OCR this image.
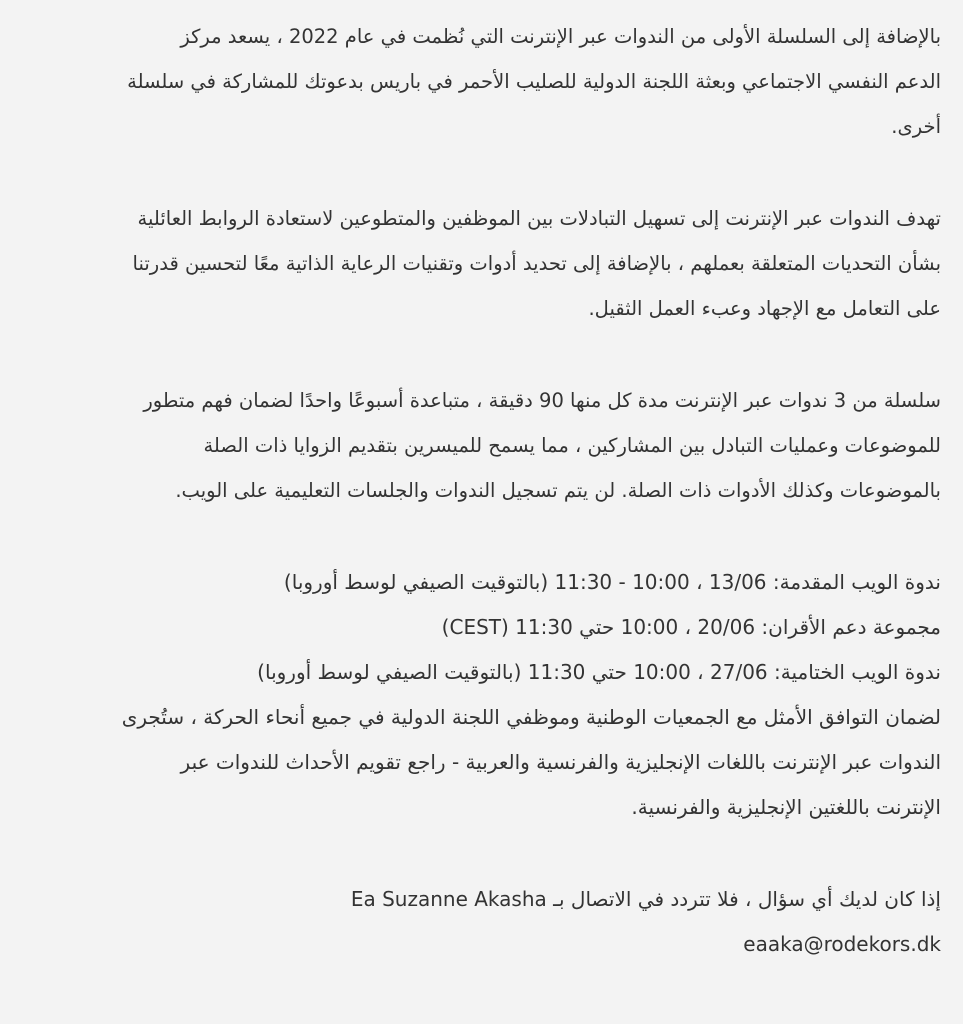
بالإضافة إلى السلسلة الأولى من الندوات عبر الإنترنت التي نُظمت في عام 2022 ، يسعد مركز
الدعم النفسي الاجتماعي وبعثة اللجنة الدولية للصليب الأحمر في باريس بدعوتك للمشاركة في سلسلة
أخرى.

تهدف الندوات عبر الإنترنت إلى تسهيل التبادلات بين الموظفين والمتطوعين لاستعادة الروابط العائلية
بشأن التحديات المتعلقة بعملهم ، بالإضافة إلى تحديد أدوات وتقنيات الرعاية الذاتية معًا لتحسين قدرتنا
على التعامل مع الإجهاد وعبء العمل الثقيل.

سلسلة من 3 ندوات عبر الإنترنت مدة كل منها 90 دقيقة ، متباعدة أسبوعًا واحدًا لضمان فهم متطور
للموضوعات وعمليات التبادل بين المشاركين ، مما يسمح للميسرين بتقديم الزوايا ذات الصلة
بالموضوعات وكذلك الأدوات ذات الصلة. لن يتم تسجيل الندوات والجلسات التعليمية على الويب.

ندوة الويب المقدمة: 13/06 ، 10:00 - 11:30 (بالتوقيت الصيفي لوسط أوروبا)
مجموعة دعم الأقران: 20/06 ، 10:00 حتي 11:30 (CEST)
ندوة الويب الختامية: 27/06 ، 10:00 حتي 11:30 (بالتوقيت الصيفي لوسط أوروبا)
لضمان التوافق الأمثل مع الجمعيات الوطنية وموظفي اللجنة الدولية في جميع أنحاء الحركة ، ستُجرى
الندوات عبر الإنترنت باللغات الإنجليزية والفرنسية والعربية - راجع تقويم الأحداث للندوات عبر
الإنترنت باللغتين الإنجليزية والفرنسية.

إذا كان لديك أي سؤال ، فلا تتردد في الاتصال بـ Ea Suzanne Akasha
eaaka@rodekors.dk
